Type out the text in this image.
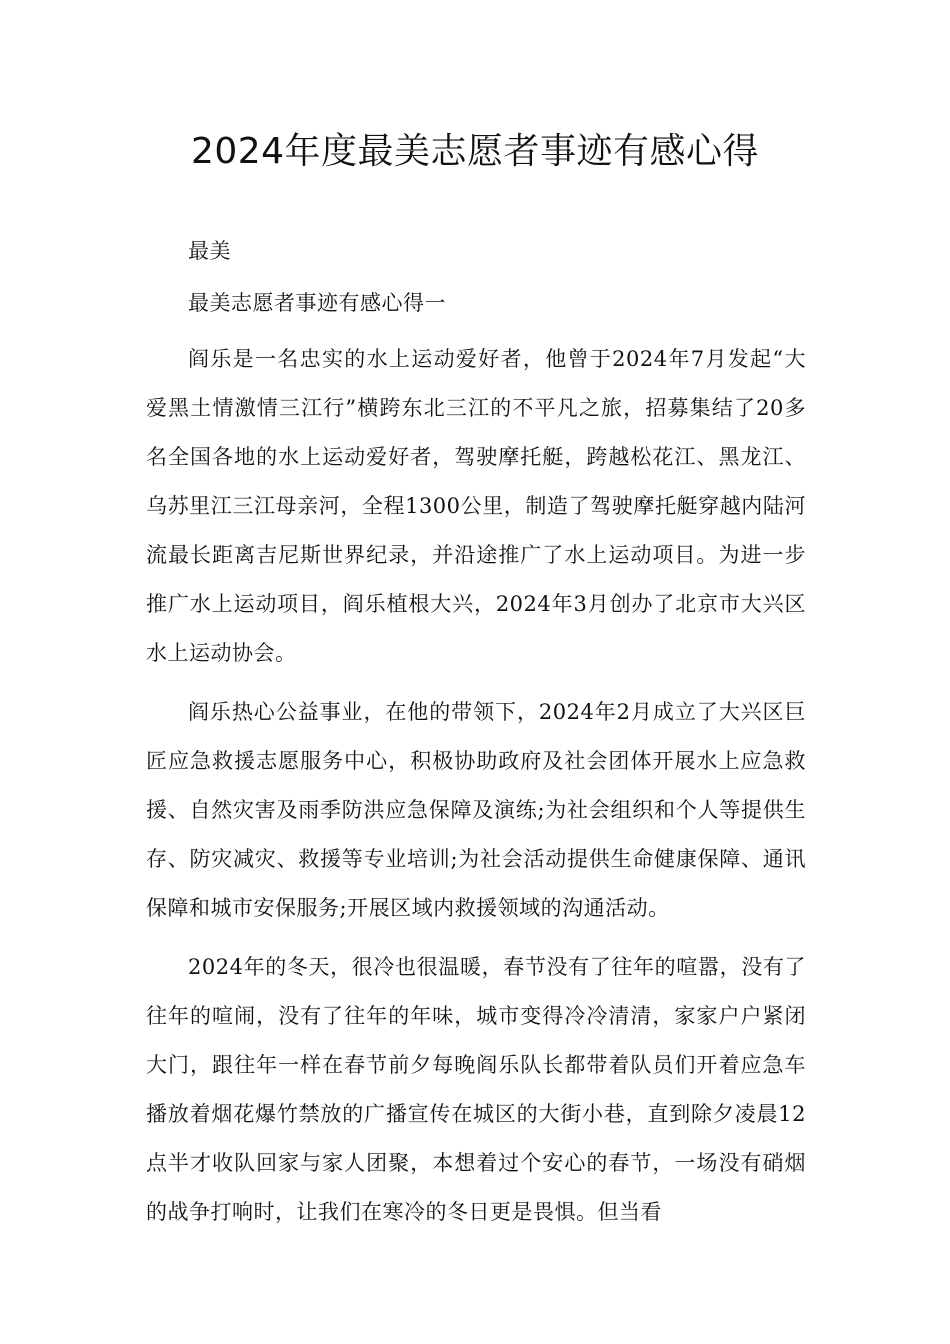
2024年度最美志愿者事迹有感心得

最美

最美志愿者事迹有感心得一

阎乐是一名忠实的水上运动爱好者，他曾于2024年7月发起“大爱黑土情激情三江行”横跨东北三江的不平凡之旅，招募集结了20多名全国各地的水上运动爱好者，驾驶摩托艇，跨越松花江、黑龙江、乌苏里江三江母亲河，全程1300公里，制造了驾驶摩托艇穿越内陆河流最长距离吉尼斯世界纪录，并沿途推广了水上运动项目。为进一步推广水上运动项目，阎乐植根大兴，2024年3月创办了北京市大兴区水上运动协会。

阎乐热心公益事业，在他的带领下，2024年2月成立了大兴区巨匠应急救援志愿服务中心，积极协助政府及社会团体开展水上应急救援、自然灾害及雨季防洪应急保障及演练;为社会组织和个人等提供生存、防灾减灾、救援等专业培训;为社会活动提供生命健康保障、通讯保障和城市安保服务;开展区域内救援领域的沟通活动。

2024年的冬天，很冷也很温暖，春节没有了往年的喧嚣，没有了往年的喧闹，没有了往年的年味，城市变得冷冷清清，家家户户紧闭大门，跟往年一样在春节前夕每晚阎乐队长都带着队员们开着应急车播放着烟花爆竹禁放的广播宣传在城区的大街小巷，直到除夕凌晨12点半才收队回家与家人团聚，本想着过个安心的春节，一场没有硝烟的战争打响时，让我们在寒冷的冬日更是畏惧。但当看
